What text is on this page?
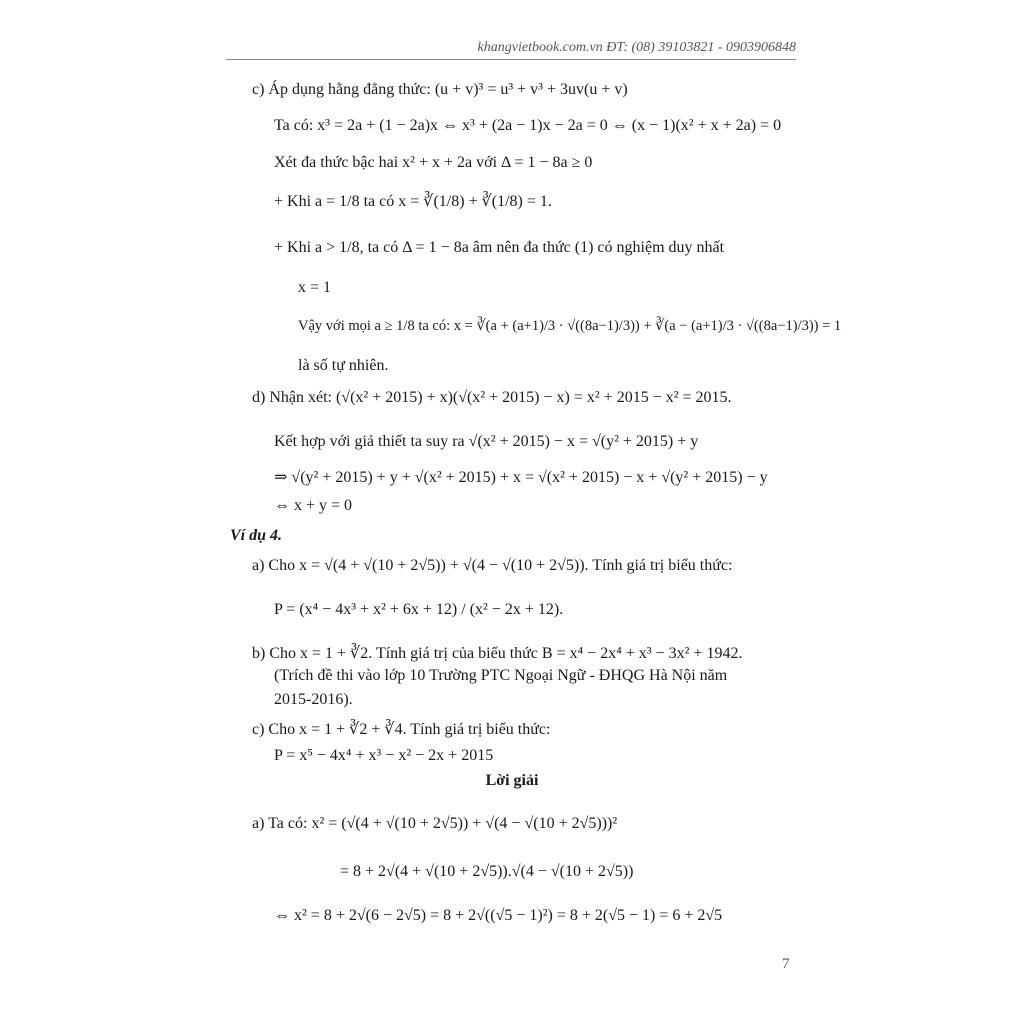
khangvietbook.com.vn ĐT: (08) 39103821 - 0903906848
c) Áp dụng hằng đẳng thức: (u + v)³ = u³ + v³ + 3uv(u + v)
Ta có: x³ = 2a + (1 − 2a)x ⇔ x³ + (2a − 1)x − 2a = 0 ⇔ (x − 1)(x² + x + 2a) = 0
Xét đa thức bậc hai x² + x + 2a với Δ = 1 − 8a ≥ 0
+ Khi a = 1/8 ta có x = ∛(1/8) + ∛(1/8) = 1.
+ Khi a > 1/8, ta có Δ = 1 − 8a âm nên đa thức (1) có nghiệm duy nhất
x = 1
Vậy với mọi a ≥ 1/8 ta có: x = ∛(a + (a+1)/3 · √((8a−1)/3)) + ∛(a − (a+1)/3 · √((8a−1)/3)) = 1
là số tự nhiên.
d) Nhận xét: (√(x² + 2015) + x)(√(x² + 2015) − x) = x² + 2015 − x² = 2015.
Kết hợp với giả thiết ta suy ra √(x² + 2015) − x = √(y² + 2015) + y
⇒ √(y² + 2015) + y + √(x² + 2015) + x = √(x² + 2015) − x + √(y² + 2015) − y
⇔ x + y = 0
Ví dụ 4.
a) Cho x = √(4 + √(10 + 2√5)) + √(4 − √(10 + 2√5)). Tính giá trị biểu thức:
P = (x⁴ − 4x³ + x² + 6x + 12) / (x² − 2x + 12).
b) Cho x = 1 + ∛2. Tính giá trị của biểu thức B = x⁴ − 2x⁴ + x³ − 3x² + 1942.
(Trích đề thi vào lớp 10 Trường PTC Ngoại Ngữ - ĐHQG Hà Nội năm
2015-2016).
c) Cho x = 1 + ∛2 + ∛4. Tính giá trị biểu thức:
P = x⁵ − 4x⁴ + x³ − x² − 2x + 2015
Lời giải
a) Ta có: x² = (√(4 + √(10 + 2√5)) + √(4 − √(10 + 2√5)))²
= 8 + 2√(4 + √(10 + 2√5)).√(4 − √(10 + 2√5))
⇔ x² = 8 + 2√(6 − 2√5) = 8 + 2√((√5 − 1)²) = 8 + 2(√5 − 1) = 6 + 2√5
7
